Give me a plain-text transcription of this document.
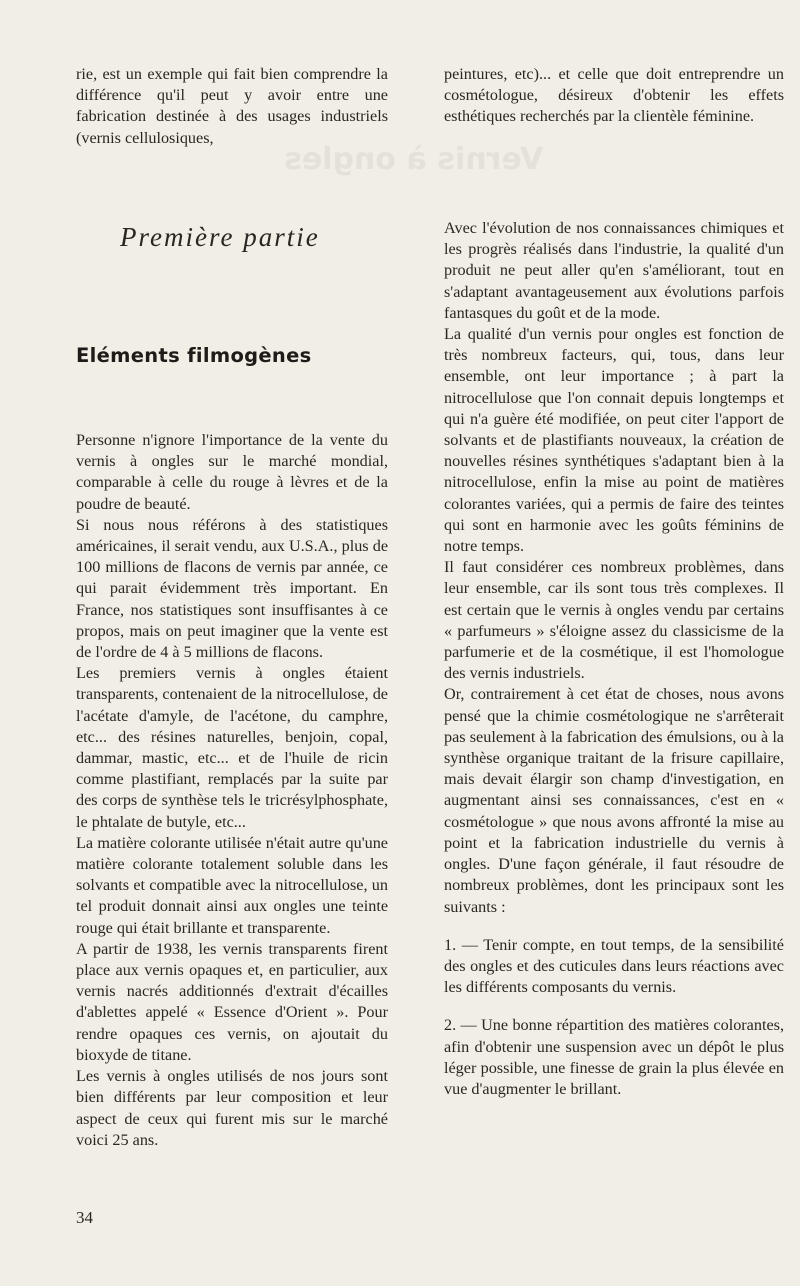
Vernis à ongles

rie, est un exemple qui fait bien comprendre la différence qu'il peut y avoir entre une fabrication destinée à des usages industriels (vernis cellulosiques,

Première partie
Eléments filmogènes

Personne n'ignore l'importance de la vente du vernis à ongles sur le marché mondial, comparable à celle du rouge à lèvres et de la poudre de beauté.

Si nous nous référons à des statistiques américaines, il serait vendu, aux U.S.A., plus de 100 millions de flacons de vernis par année, ce qui parait évidemment très important. En France, nos statistiques sont insuffisantes à ce propos, mais on peut imaginer que la vente est de l'ordre de 4 à 5 millions de flacons.

Les premiers vernis à ongles étaient transparents, contenaient de la nitrocellulose, de l'acétate d'amyle, de l'acétone, du camphre, etc... des résines naturelles, benjoin, copal, dammar, mastic, etc... et de l'huile de ricin comme plastifiant, remplacés par la suite par des corps de synthèse tels le tricrésylphosphate, le phtalate de butyle, etc...

La matière colorante utilisée n'était autre qu'une matière colorante totalement soluble dans les solvants et compatible avec la nitrocellulose, un tel produit donnait ainsi aux ongles une teinte rouge qui était brillante et transparente.

A partir de 1938, les vernis transparents firent place aux vernis opaques et, en particulier, aux vernis nacrés additionnés d'extrait d'écailles d'ablettes appelé « Essence d'Orient ». Pour rendre opaques ces vernis, on ajoutait du bioxyde de titane.

Les vernis à ongles utilisés de nos jours sont bien différents par leur composition et leur aspect de ceux qui furent mis sur le marché voici 25 ans.

peintures, etc)... et celle que doit entreprendre un cosmétologue, désireux d'obtenir les effets esthétiques recherchés par la clientèle féminine.

Avec l'évolution de nos connaissances chimiques et les progrès réalisés dans l'industrie, la qualité d'un produit ne peut aller qu'en s'améliorant, tout en s'adaptant avantageusement aux évolutions parfois fantasques du goût et de la mode.

La qualité d'un vernis pour ongles est fonction de très nombreux facteurs, qui, tous, dans leur ensemble, ont leur importance ; à part la nitrocellulose que l'on connait depuis longtemps et qui n'a guère été modifiée, on peut citer l'apport de solvants et de plastifiants nouveaux, la création de nouvelles résines synthétiques s'adaptant bien à la nitrocellulose, enfin la mise au point de matières colorantes variées, qui a permis de faire des teintes qui sont en harmonie avec les goûts féminins de notre temps.

Il faut considérer ces nombreux problèmes, dans leur ensemble, car ils sont tous très complexes. Il est certain que le vernis à ongles vendu par certains « parfumeurs » s'éloigne assez du classicisme de la parfumerie et de la cosmétique, il est l'homologue des vernis industriels.

Or, contrairement à cet état de choses, nous avons pensé que la chimie cosmétologique ne s'arrêterait pas seulement à la fabrication des émulsions, ou à la synthèse organique traitant de la frisure capillaire, mais devait élargir son champ d'investigation, en augmentant ainsi ses connaissances, c'est en « cosmétologue » que nous avons affronté la mise au point et la fabrication industrielle du vernis à ongles. D'une façon générale, il faut résoudre de nombreux problèmes, dont les principaux sont les suivants :

1. — Tenir compte, en tout temps, de la sensibilité des ongles et des cuticules dans leurs réactions avec les différents composants du vernis.

2. — Une bonne répartition des matières colorantes, afin d'obtenir une suspension avec un dépôt le plus léger possible, une finesse de grain la plus élevée en vue d'augmenter le brillant.

34
